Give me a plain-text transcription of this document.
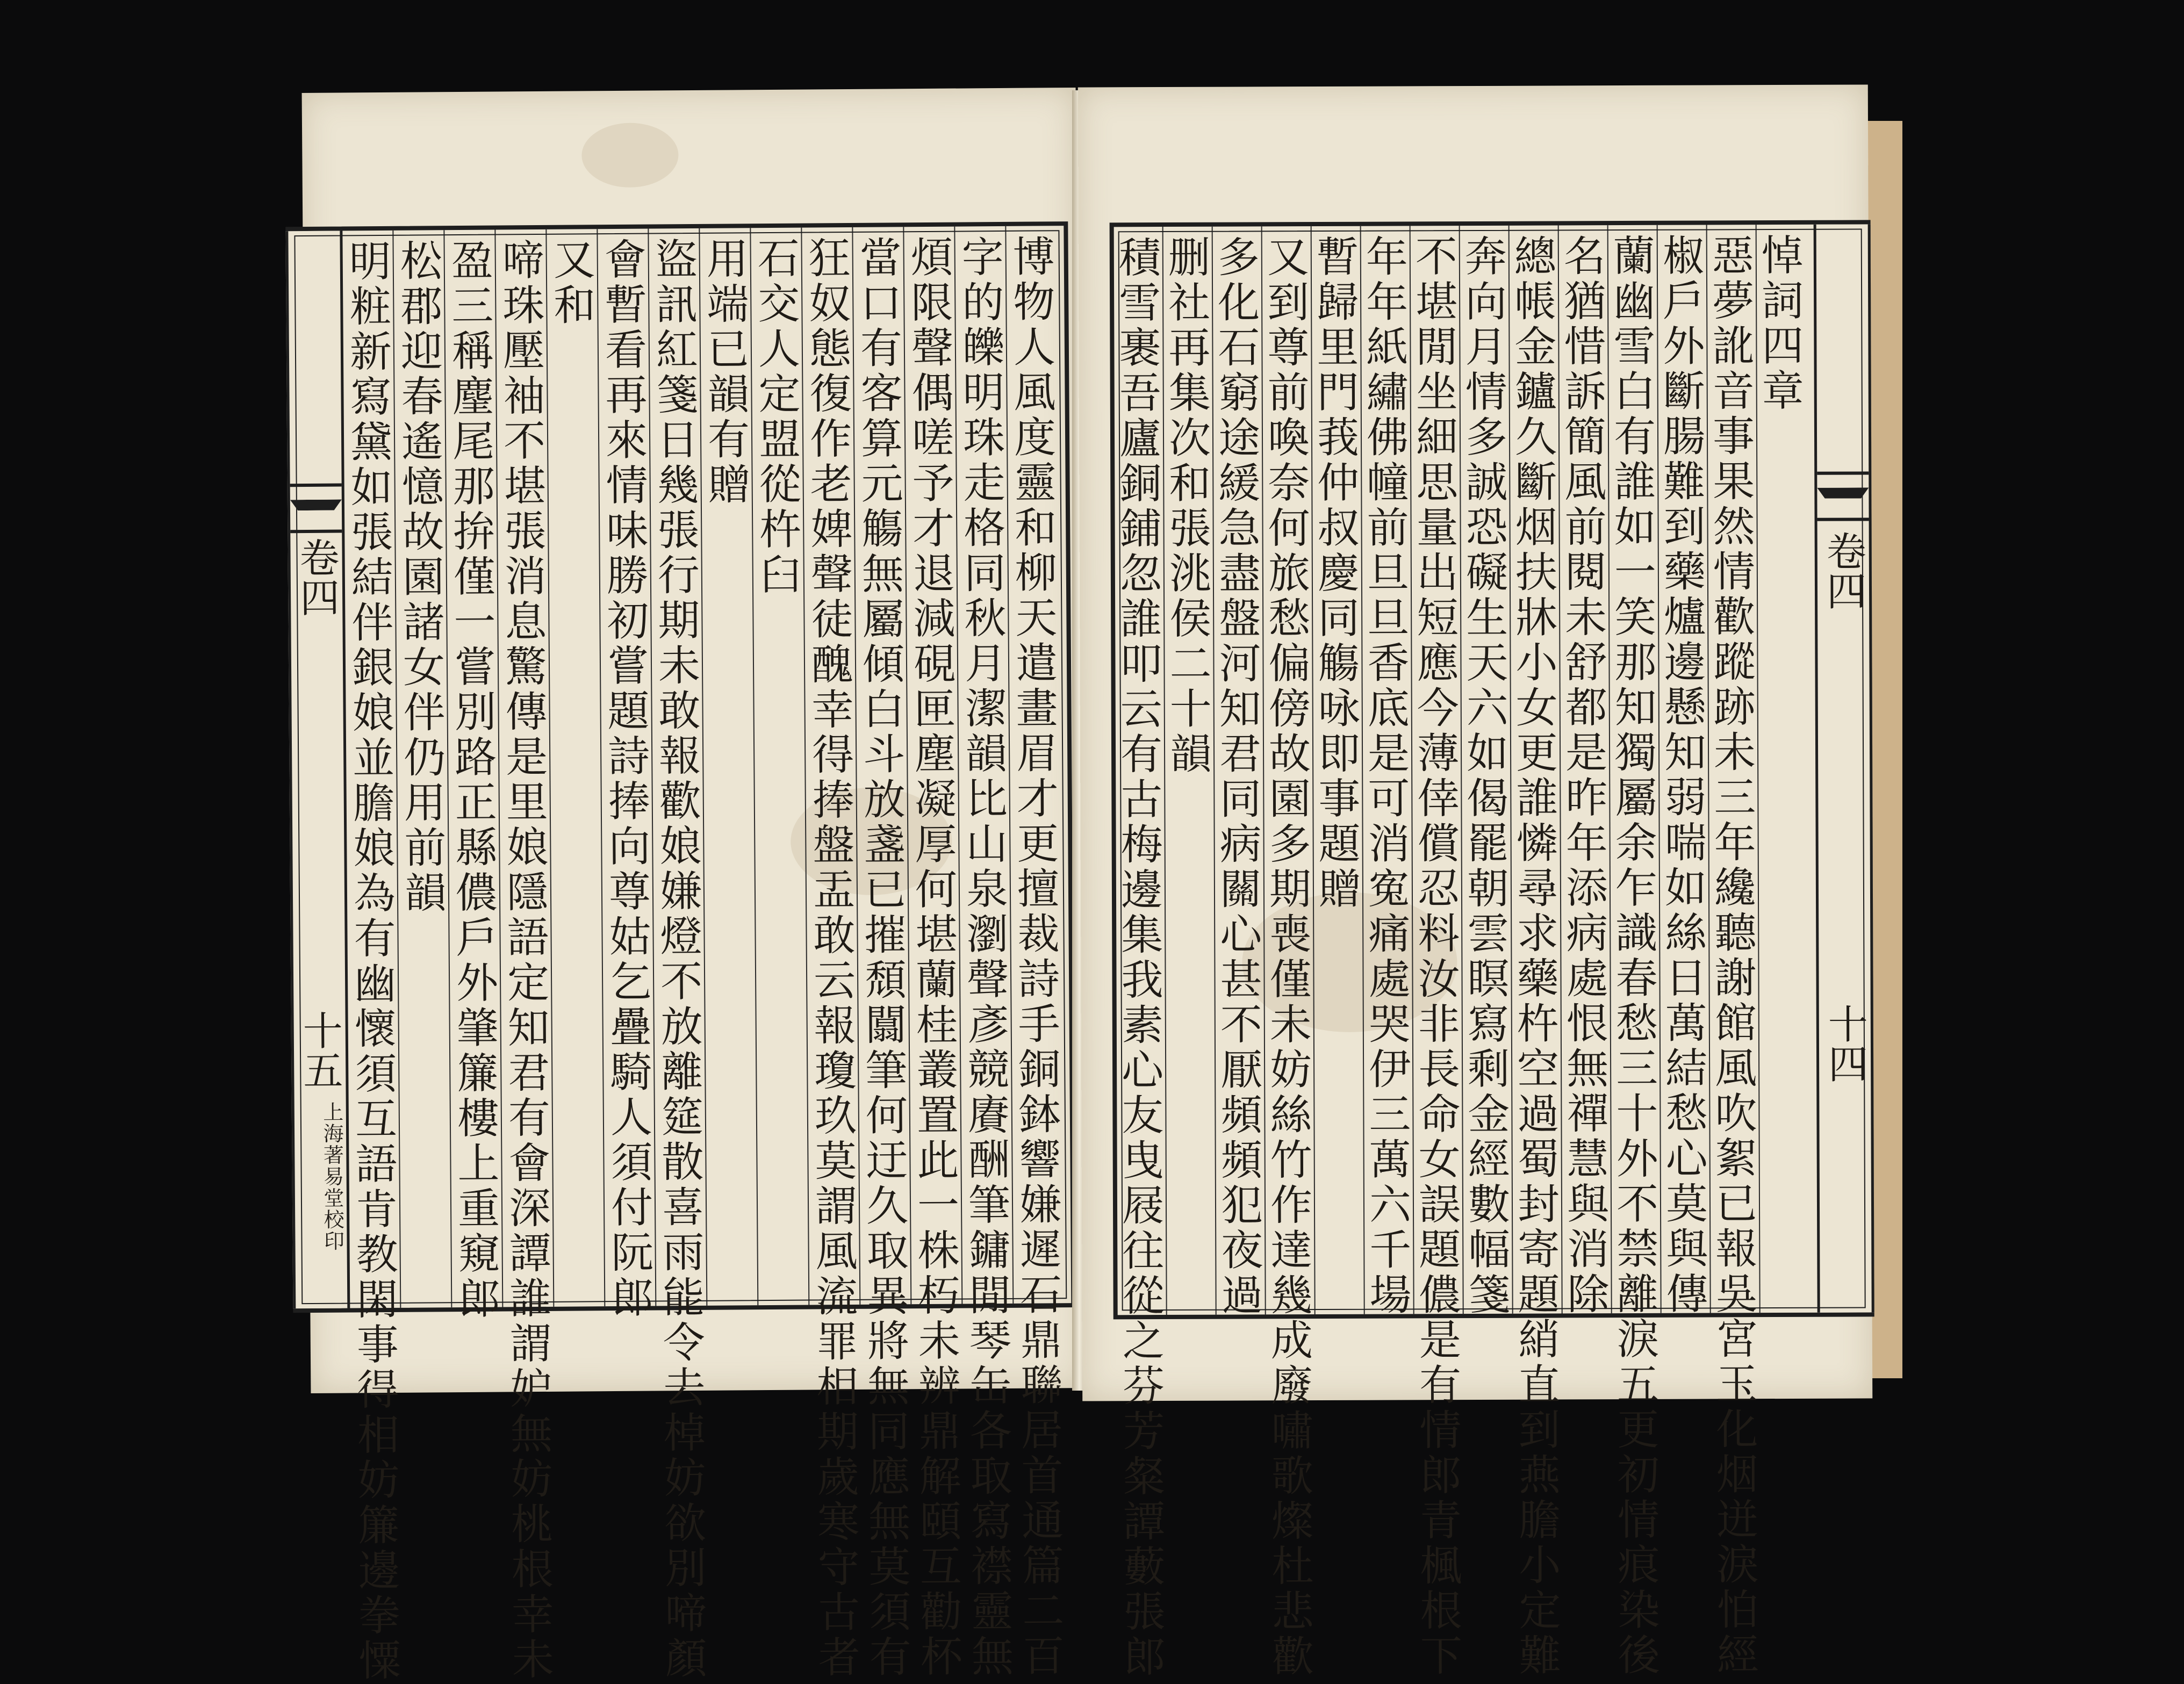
卷四
十五
上海著易堂校印	博物人風度靈和柳天遣畫眉才更擅裁詩手銅鉢響嫌遲石鼎聯居首通篇二百
字的皪明珠走格同秋月潔韻比山泉瀏聲彥競賡酬筆鏞閒琴缶各取寫襟靈無
煩限聲偶嗟予才退減硯匣塵凝厚何堪蘭桂叢置此一株朽未辨鼎解頤互勸杯
當口有客算元觴無屬傾白斗放盞已摧頹闒筆何迂久取異將無同應無莫須有
狂奴態復作老婢聲徒醜幸得捧盤盂敢云報瓊玖莫謂風流罪相期歲寒守古者
石交人定盟從杵臼
用端已韻有贈
盜訊紅箋日幾張行期未敢報歡娘嫌燈不放離筵散喜雨能令去棹妨欲別啼顏
會暫看再來情味勝初嘗題詩捧向尊姑乞疊騎人須付阮郎
又和
啼珠壓袖不堪張消息驚傳是里娘隱語定知君有會深譚誰謂妒無妨桃根幸未
盈三稱麈尾那拚僅一嘗別路正縣儂戶外肇簾樓上重窺郎
松郡迎春遙憶故園諸女伴仍用前韻
明粧新寫黛如張結伴銀娘並膽娘為有幽懷須互語肯教閑事得相妨簾邊拳憟	卷四
十四
悼詞四章
惡夢訛音事果然情歡蹤跡未三年纔聽謝館風吹絮已報吳宮玉化烟迸淚怕經
椒戶外斷腸難到藥爐邊懸知弱喘如絲日萬結愁心莫與傳
蘭幽雪白有誰如一笑那知獨屬余乍識春愁三十外不禁離淚五更初情痕染後
名猶惜訴簡風前閱未舒都是昨年添病處恨無禪慧與消除
總帳金鑪久斷烟扶牀小女更誰憐尋求藥杵空過蜀封寄題綃直到燕膽小定難
奔向月情多誠恐礙生天六如偈罷朝雲瞑寫剩金經數幅箋
不堪閒坐細思量出短應今薄倖償忍料汝非長命女誤題儂是有情郎青楓根下
年年紙繡佛幢前旦旦香底是可消寃痛處哭伊三萬六千場
暫歸里門莪仲叔慶同觴咏即事題贈
又到尊前喚奈何旅愁偏傍故園多期喪僅未妨絲竹作達幾成廢嘯歌燦杜悲歡
多化石窮途緩急盡盤河知君同病關心甚不厭頻頻犯夜過
删社再集次和張洮侯二十韻
積雪裹吾廬銅鋪忽誰叩云有古梅邊集我素心友曳屐往從之芬芳粲譚藪張郎
